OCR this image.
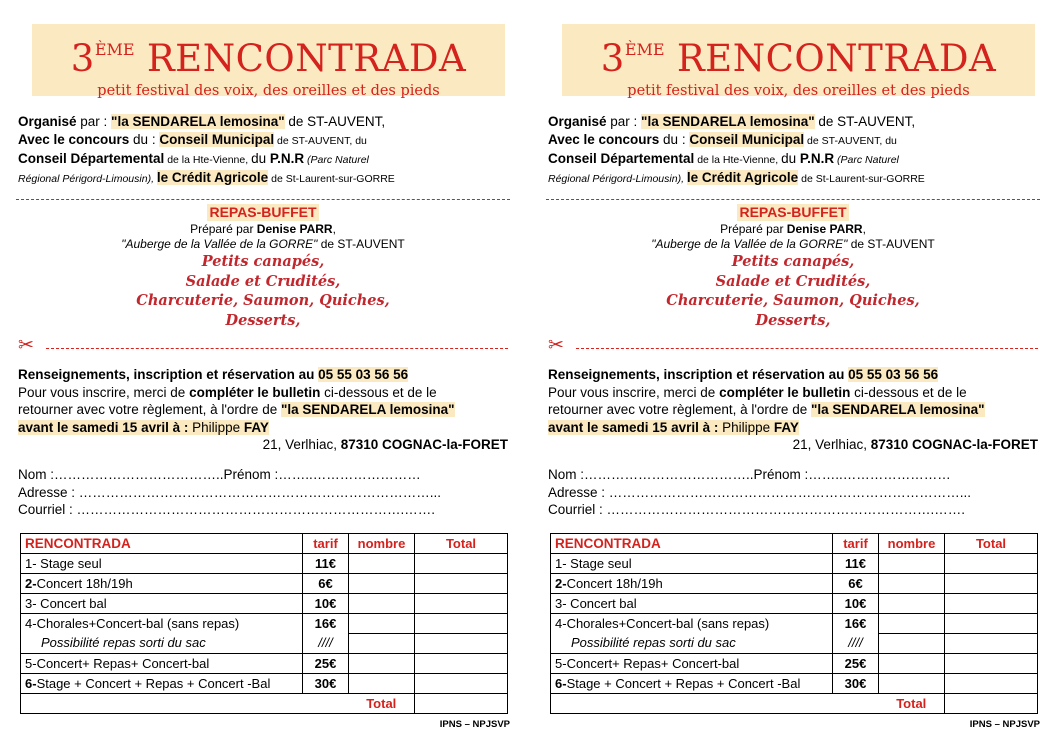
3ÈME RENCONTRADA
petit festival des voix, des oreilles et des pieds
Organisé par : "la SENDARELA lemosina" de ST-AUVENT,
Avec le concours du : Conseil Municipal de ST-AUVENT, du
Conseil Départemental de la Hte-Vienne, du P.N.R (Parc Naturel
Régional Périgord-Limousin), le Crédit Agricole de St-Laurent-sur-GORRE
REPAS-BUFFET
Préparé par Denise PARR,
"Auberge de la Vallée de la GORRE" de ST-AUVENT
Petits canapés,
Salade et Crudités,
Charcuterie, Saumon, Quiches,
Desserts,
✂
Renseignements, inscription et réservation au 05 55 03 56 56
Pour vous inscrire, merci de compléter le bulletin ci-dessous et de le
retourner avec votre règlement, à l'ordre de "la SENDARELA lemosina"
avant le samedi 15 avril à : Philippe FAY
21, Verlhiac, 87310 COGNAC-la-FORET
Nom :………………………………..Prénom :……..……………………
Adresse : ……………………………………………………………………...
Courriel : ……………………………………………………………….…….
RENCONTRADA	tarif	nombre	Total
1- Stage seul	11€		
2-Concert 18h/19h	6€		
3- Concert bal	10€		
4-Chorales+Concert-bal (sans repas)	16€		
Possibilité repas sorti du sac	////		
5-Concert+ Repas+ Concert-bal	25€		
6-Stage + Concert + Repas + Concert -Bal	30€		
		Total	
IPNS – NPJSVP
3ÈME RENCONTRADA
petit festival des voix, des oreilles et des pieds
Organisé par : "la SENDARELA lemosina" de ST-AUVENT,
Avec le concours du : Conseil Municipal de ST-AUVENT, du
Conseil Départemental de la Hte-Vienne, du P.N.R (Parc Naturel
Régional Périgord-Limousin), le Crédit Agricole de St-Laurent-sur-GORRE
REPAS-BUFFET
Préparé par Denise PARR,
"Auberge de la Vallée de la GORRE" de ST-AUVENT
Petits canapés,
Salade et Crudités,
Charcuterie, Saumon, Quiches,
Desserts,
✂
Renseignements, inscription et réservation au 05 55 03 56 56
Pour vous inscrire, merci de compléter le bulletin ci-dessous et de le
retourner avec votre règlement, à l'ordre de "la SENDARELA lemosina"
avant le samedi 15 avril à : Philippe FAY
21, Verlhiac, 87310 COGNAC-la-FORET
Nom :………………………………..Prénom :……..……………………
Adresse : ……………………………………………………………………...
Courriel : ……………………………………………………………….…….
RENCONTRADA	tarif	nombre	Total
1- Stage seul	11€		
2-Concert 18h/19h	6€		
3- Concert bal	10€		
4-Chorales+Concert-bal (sans repas)	16€		
Possibilité repas sorti du sac	////		
5-Concert+ Repas+ Concert-bal	25€		
6-Stage + Concert + Repas + Concert -Bal	30€		
		Total	
IPNS – NPJSVP
